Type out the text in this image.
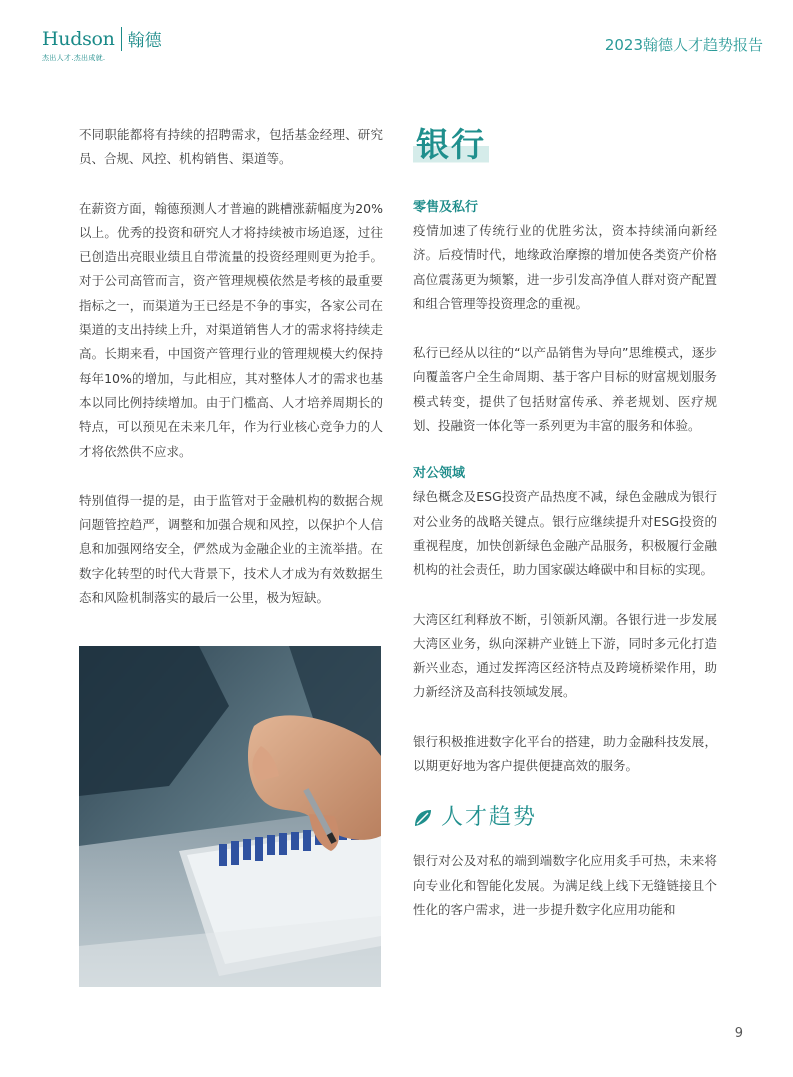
Hudson 翰德
杰出人才.杰出成就.
2023翰德人才趋势报告

不同职能都将有持续的招聘需求，包括基金经理、研究员、合规、风控、机构销售、渠道等。

在薪资方面，翰德预测人才普遍的跳槽涨薪幅度为20%以上。优秀的投资和研究人才将持续被市场追逐，过往已创造出亮眼业绩且自带流量的投资经理则更为抢手。对于公司高管而言，资产管理规模依然是考核的最重要指标之一，而渠道为王已经是不争的事实，各家公司在渠道的支出持续上升，对渠道销售人才的需求将持续走高。长期来看，中国资产管理行业的管理规模大约保持每年10%的增加，与此相应，其对整体人才的需求也基本以同比例持续增加。由于门槛高、人才培养周期长的特点，可以预见在未来几年，作为行业核心竞争力的人才将依然供不应求。

特别值得一提的是，由于监管对于金融机构的数据合规问题管控趋严，调整和加强合规和风控，以保护个人信息和加强网络安全，俨然成为金融企业的主流举措。在数字化转型的时代大背景下，技术人才成为有效数据生态和风险机制落实的最后一公里，极为短缺。

银行
零售及私行

疫情加速了传统行业的优胜劣汰，资本持续涌向新经济。后疫情时代，地缘政治摩擦的增加使各类资产价格高位震荡更为频繁，进一步引发高净值人群对资产配置和组合管理等投资理念的重视。

私行已经从以往的“以产品销售为导向”思维模式，逐步向覆盖客户全生命周期、基于客户目标的财富规划服务模式转变，提供了包括财富传承、养老规划、医疗规划、投融资一体化等一系列更为丰富的服务和体验。

对公领域

绿色概念及ESG投资产品热度不减，绿色金融成为银行对公业务的战略关键点。银行应继续提升对ESG投资的重视程度，加快创新绿色金融产品服务，积极履行金融机构的社会责任，助力国家碳达峰碳中和目标的实现。

大湾区红利释放不断，引领新风潮。各银行进一步发展大湾区业务，纵向深耕产业链上下游，同时多元化打造新兴业态，通过发挥湾区经济特点及跨境桥梁作用，助力新经济及高科技领域发展。

银行积极推进数字化平台的搭建，助力金融科技发展，以期更好地为客户提供便捷高效的服务。

人才趋势

银行对公及对私的端到端数字化应用炙手可热，未来将向专业化和智能化发展。为满足线上线下无缝链接且个性化的客户需求，进一步提升数字化应用功能和

9
